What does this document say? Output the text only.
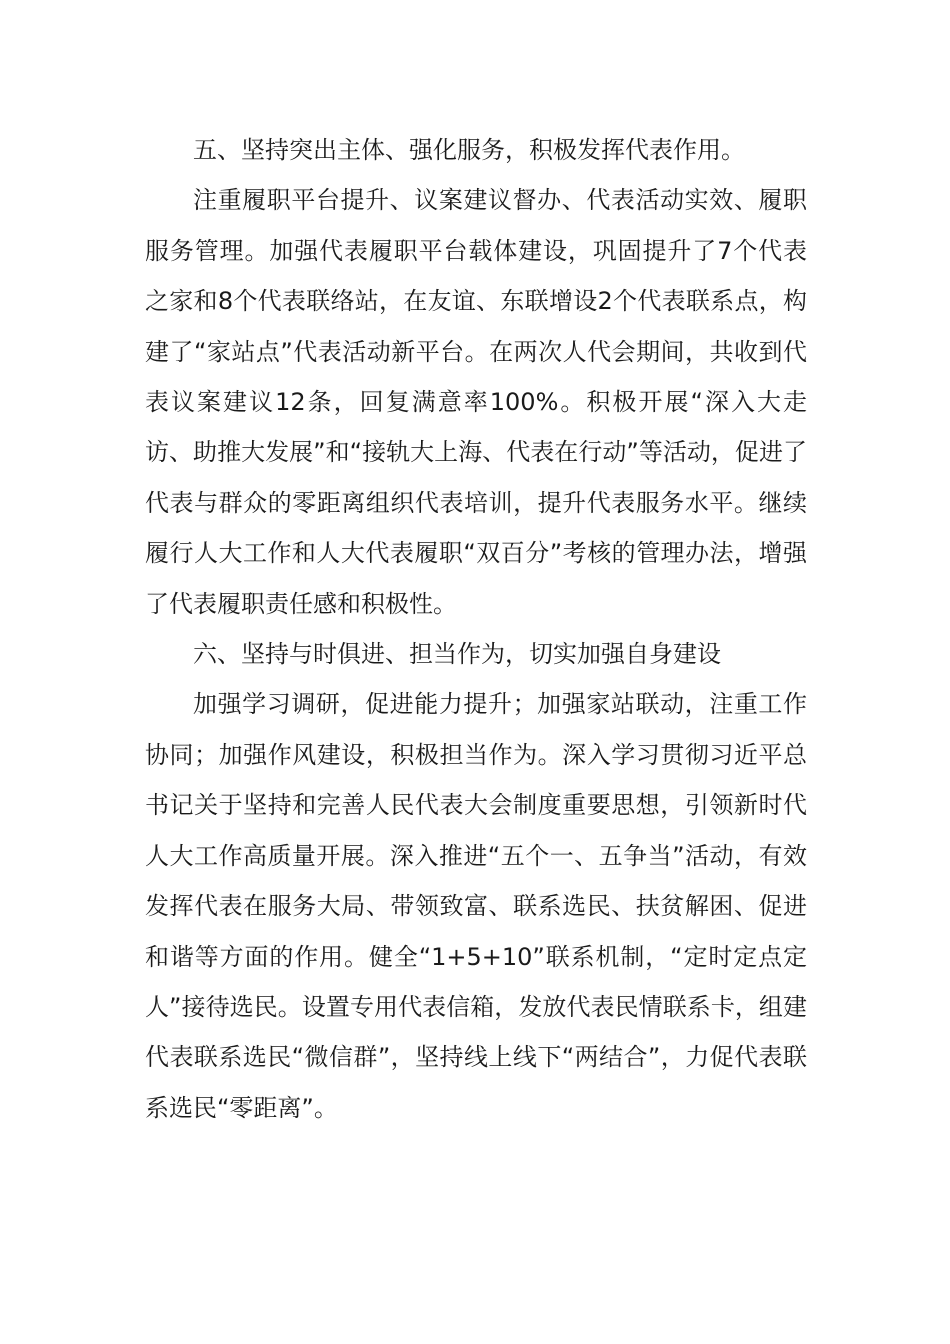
五、坚持突出主体、强化服务，积极发挥代表作用。

注重履职平台提升、议案建议督办、代表活动实效、履职服务管理。加强代表履职平台载体建设，巩固提升了7个代表之家和8个代表联络站，在友谊、东联增设2个代表联系点，构建了“家站点”代表活动新平台。在两次人代会期间，共收到代表议案建议12条，回复满意率100%。积极开展“深入大走访、助推大发展”和“接轨大上海、代表在行动”等活动，促进了代表与群众的零距离组织代表培训，提升代表服务水平。继续履行人大工作和人大代表履职“双百分”考核的管理办法，增强了代表履职责任感和积极性。

六、坚持与时俱进、担当作为，切实加强自身建设

加强学习调研，促进能力提升；加强家站联动，注重工作协同；加强作风建设，积极担当作为。深入学习贯彻习近平总书记关于坚持和完善人民代表大会制度重要思想，引领新时代人大工作高质量开展。深入推进“五个一、五争当”活动，有效发挥代表在服务大局、带领致富、联系选民、扶贫解困、促进和谐等方面的作用。健全“1+5+10”联系机制，“定时定点定人”接待选民。设置专用代表信箱，发放代表民情联系卡，组建代表联系选民“微信群”，坚持线上线下“两结合”，力促代表联系选民“零距离”。
